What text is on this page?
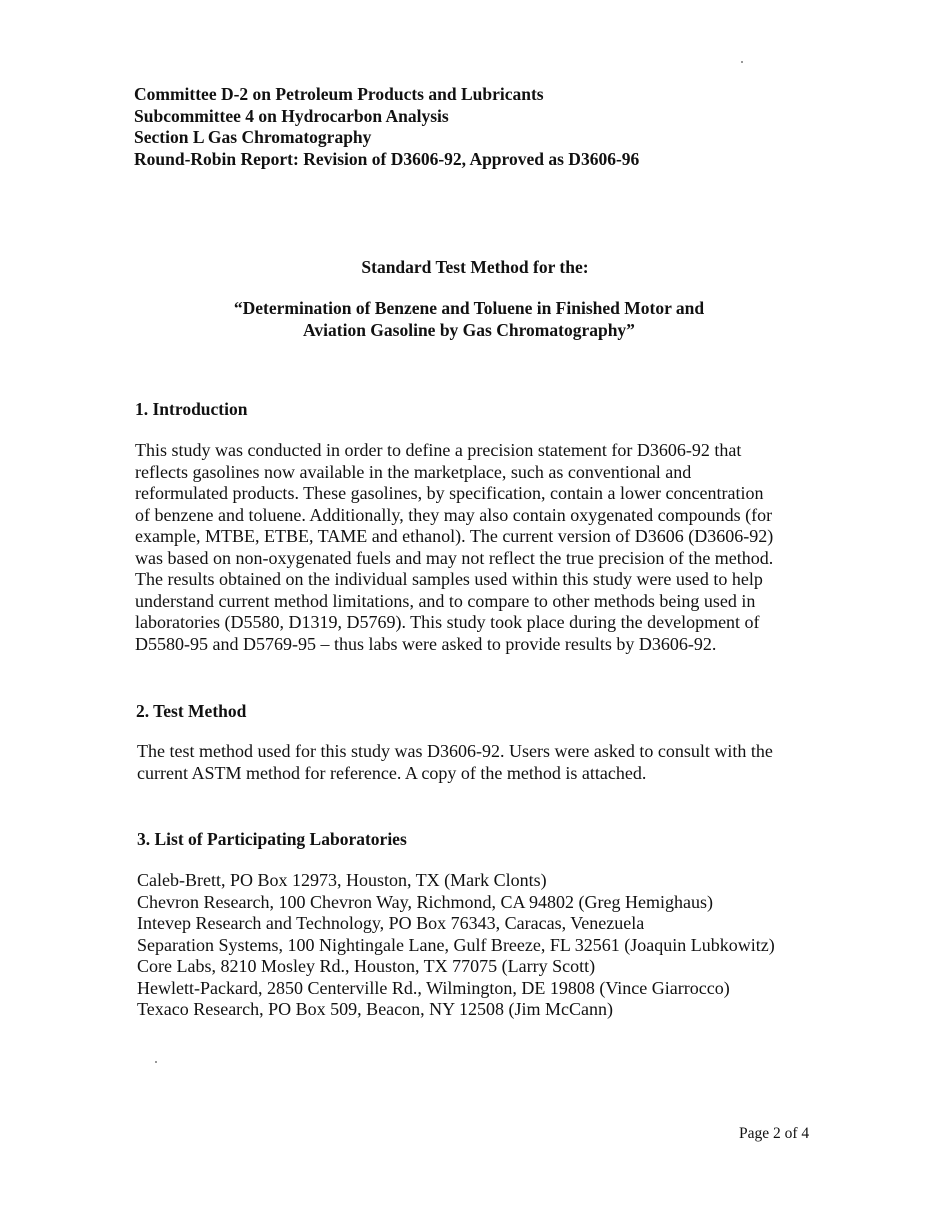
Committee D-2 on Petroleum Products and Lubricants
Subcommittee 4 on Hydrocarbon Analysis
Section L Gas Chromatography
Round-Robin Report: Revision of D3606-92, Approved as D3606-96
Standard Test Method for the:
“Determination of Benzene and Toluene in Finished Motor and
Aviation Gasoline by Gas Chromatography”
1. Introduction
This study was conducted in order to define a precision statement for D3606-92 that
reflects gasolines now available in the marketplace, such as conventional and
reformulated products. These gasolines, by specification, contain a lower concentration
of benzene and toluene. Additionally, they may also contain oxygenated compounds (for
example, MTBE, ETBE, TAME and ethanol). The current version of D3606 (D3606-92)
was based on non-oxygenated fuels and may not reflect the true precision of the method.
The results obtained on the individual samples used within this study were used to help
understand current method limitations, and to compare to other methods being used in
laboratories (D5580, D1319, D5769). This study took place during the development of
D5580-95 and D5769-95 – thus labs were asked to provide results by D3606-92.
2. Test Method
The test method used for this study was D3606-92. Users were asked to consult with the
current ASTM method for reference. A copy of the method is attached.
3. List of Participating Laboratories
Caleb-Brett, PO Box 12973, Houston, TX (Mark Clonts)
Chevron Research, 100 Chevron Way, Richmond, CA 94802 (Greg Hemighaus)
Intevep Research and Technology, PO Box 76343, Caracas, Venezuela
Separation Systems, 100 Nightingale Lane, Gulf Breeze, FL 32561 (Joaquin Lubkowitz)
Core Labs, 8210 Mosley Rd., Houston, TX 77075 (Larry Scott)
Hewlett-Packard, 2850 Centerville Rd., Wilmington, DE 19808 (Vince Giarrocco)
Texaco Research, PO Box 509, Beacon, NY 12508 (Jim McCann)
Page 2 of 4
